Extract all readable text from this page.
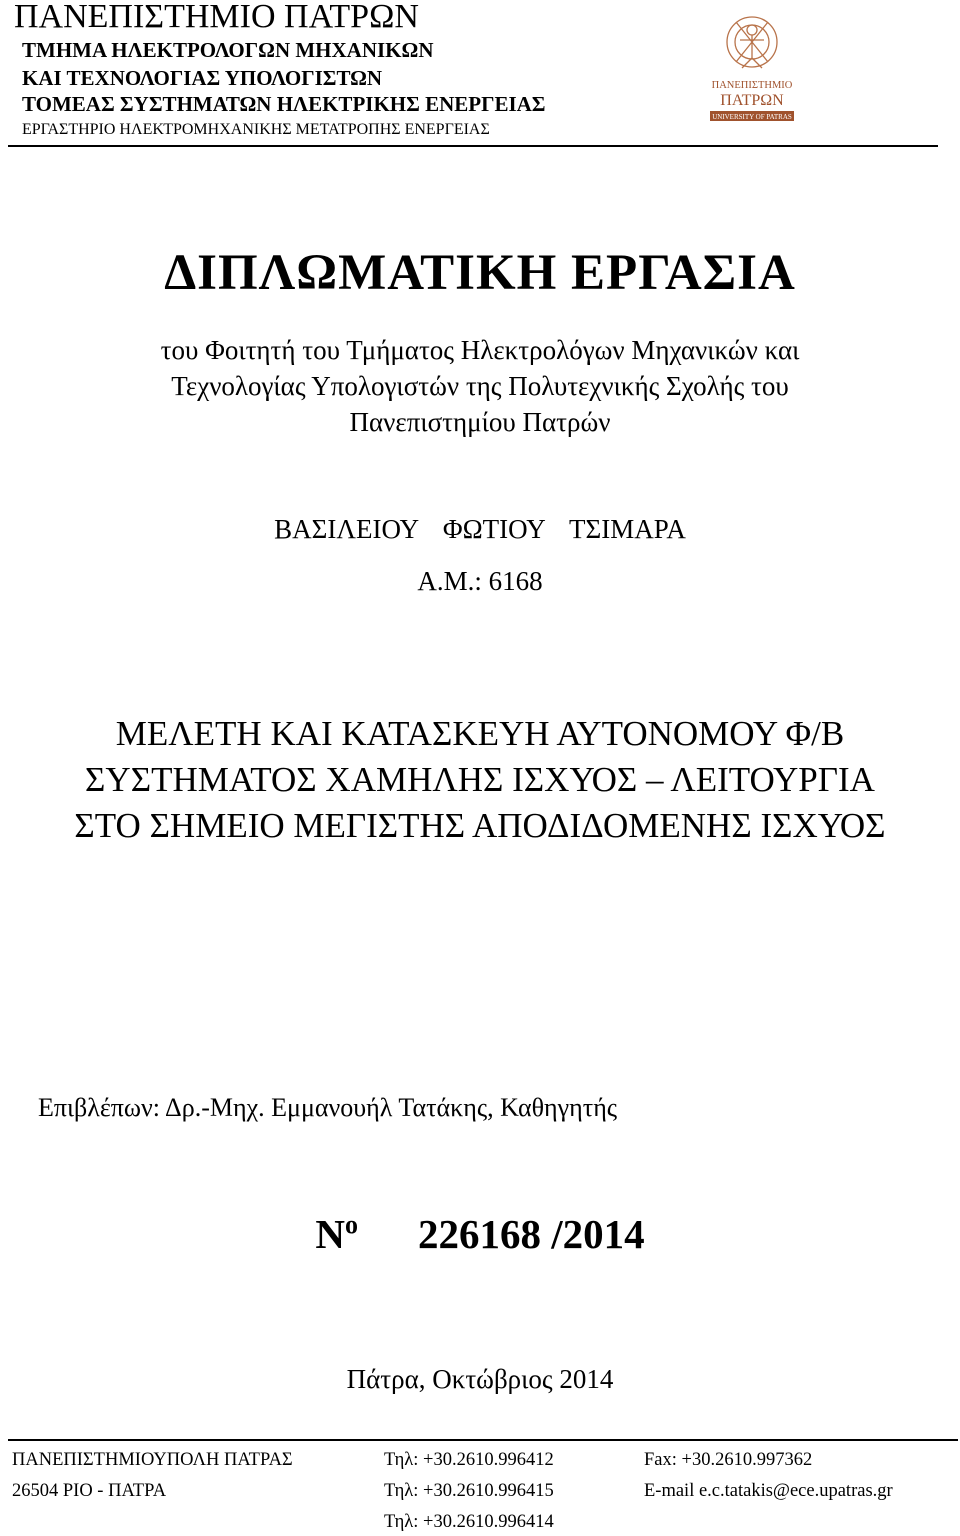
ΠΑΝΕΠΙΣΤΗΜΙΟ ΠΑΤΡΩΝ
ΤΜΗΜΑ ΗΛΕΚΤΡΟΛΟΓΩΝ ΜΗΧΑΝΙΚΩΝ
ΚΑΙ ΤΕΧΝΟΛΟΓΙΑΣ ΥΠΟΛΟΓΙΣΤΩΝ
ΤΟΜΕΑΣ ΣΥΣΤΗΜΑΤΩΝ ΗΛΕΚΤΡΙΚΗΣ ΕΝΕΡΓΕΙΑΣ
ΕΡΓΑΣΤΗΡΙΟ ΗΛΕΚΤΡΟΜΗΧΑΝΙΚΗΣ ΜΕΤΑΤΡΟΠΗΣ ΕΝΕΡΓΕΙΑΣ
ΠΑΝΕΠΙΣΤΗΜΙΟ
ΠΑΤΡΩΝ
UNIVERSITY OF PATRAS
ΔΙΠΛΩΜΑΤΙΚΗ ΕΡΓΑΣΙΑ
του Φοιτητή του Τμήματος Ηλεκτρολόγων Μηχανικών και
Τεχνολογίας Υπολογιστών της Πολυτεχνικής Σχολής του
Πανεπιστημίου Πατρών
ΒΑΣΙΛΕΙΟΥ ΦΩΤΙΟΥ ΤΣΙΜΑΡΑ
Α.Μ.: 6168
ΜΕΛΕΤΗ ΚΑΙ ΚΑΤΑΣΚΕΥΗ ΑΥΤΟΝΟΜΟΥ Φ/Β
ΣΥΣΤΗΜΑΤΟΣ ΧΑΜΗΛΗΣ ΙΣΧΥΟΣ – ΛΕΙΤΟΥΡΓΙΑ
ΣΤΟ ΣΗΜΕΙΟ ΜΕΓΙΣΤΗΣ ΑΠΟΔΙΔΟΜΕΝΗΣ ΙΣΧΥΟΣ
Επιβλέπων: Δρ.-Μηχ. Εμμανουήλ Τατάκης, Καθηγητής
$N^o$ 226168 /2014
Πάτρα, Οκτώβριος 2014
ΠΑΝΕΠΙΣΤΗΜΙΟΥΠΟΛΗ ΠΑΤΡΑΣ
26504 ΡΙΟ - ΠΑΤΡΑ
Τηλ: +30.2610.996412
Τηλ: +30.2610.996415
Τηλ: +30.2610.996414
Fax: +30.2610.997362
E-mail e.c.tatakis@ece.upatras.gr
